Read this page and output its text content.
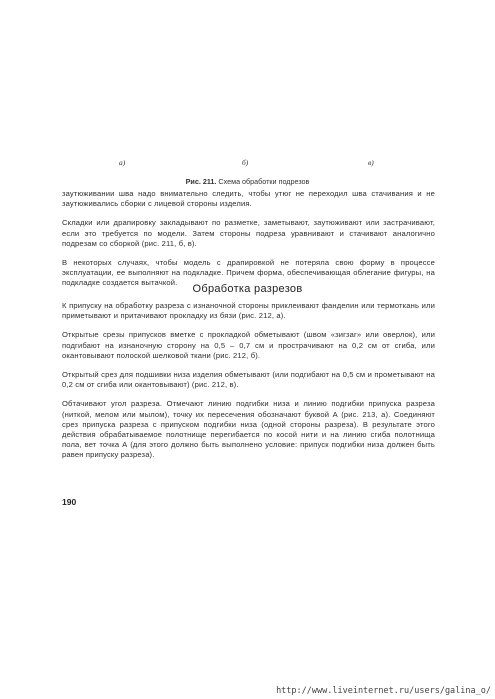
а)	б)	в)
Рис. 211. Схема обработки подрезов

заутюживании шва надо внимательно следить, чтобы утюг не переходил шва стачивания и не заутюживались сборки с лицевой стороны изделия.

Складки или драпировку закладывают по разметке, заметывают, заутюживают или застрачивают, если это требуется по модели. Затем стороны подреза уравнивают и стачивают аналогично подрезам со сборкой (рис. 211, б, в).

В некоторых случаях, чтобы модель с драпировкой не потеряла свою форму в процессе эксплуатации, ее выполняют на подкладке. Причем форма, обеспечивающая облегание фигуры, на подкладке создается вытачкой.

Обработка разрезов

К припуску на обработку разреза с изнаночной стороны приклеивают фанделин или термоткань или приметывают и притачивают прокладку из бязи (рис. 212, а).

Открытые срезы припусков вметке с прокладкой обметывают (швом «зигзаг» или оверлок), или подгибают на изнаночную сторону на 0,5 – 0,7 см и прострачивают на 0,2 см от сгиба, или окантовывают полоской шелковой ткани (рис. 212, б).

Открытый срез для подшивки низа изделия обметывают (или подгибают на 0,5 см и прометывают на 0,2 см от сгиба или окантовывают) (рис. 212, в).

Обтачивают угол разреза. Отмечают линию подгибки низа и линию подгибки припуска разреза (ниткой, мелом или мылом), точку их пересечения обозначают буквой А (рис. 213, а). Соединяют срез припуска разреза с припуском подгибки низа (одной стороны разреза). В результате этого действия обрабатываемое полотнище перегибается по косой нити и на линию сгиба полотнища пола, вет точка А (для этого должно быть выполнено условие: припуск подгибки низа должен быть равен припуску разреза).

190
http://www.liveinternet.ru/users/galina_o/
